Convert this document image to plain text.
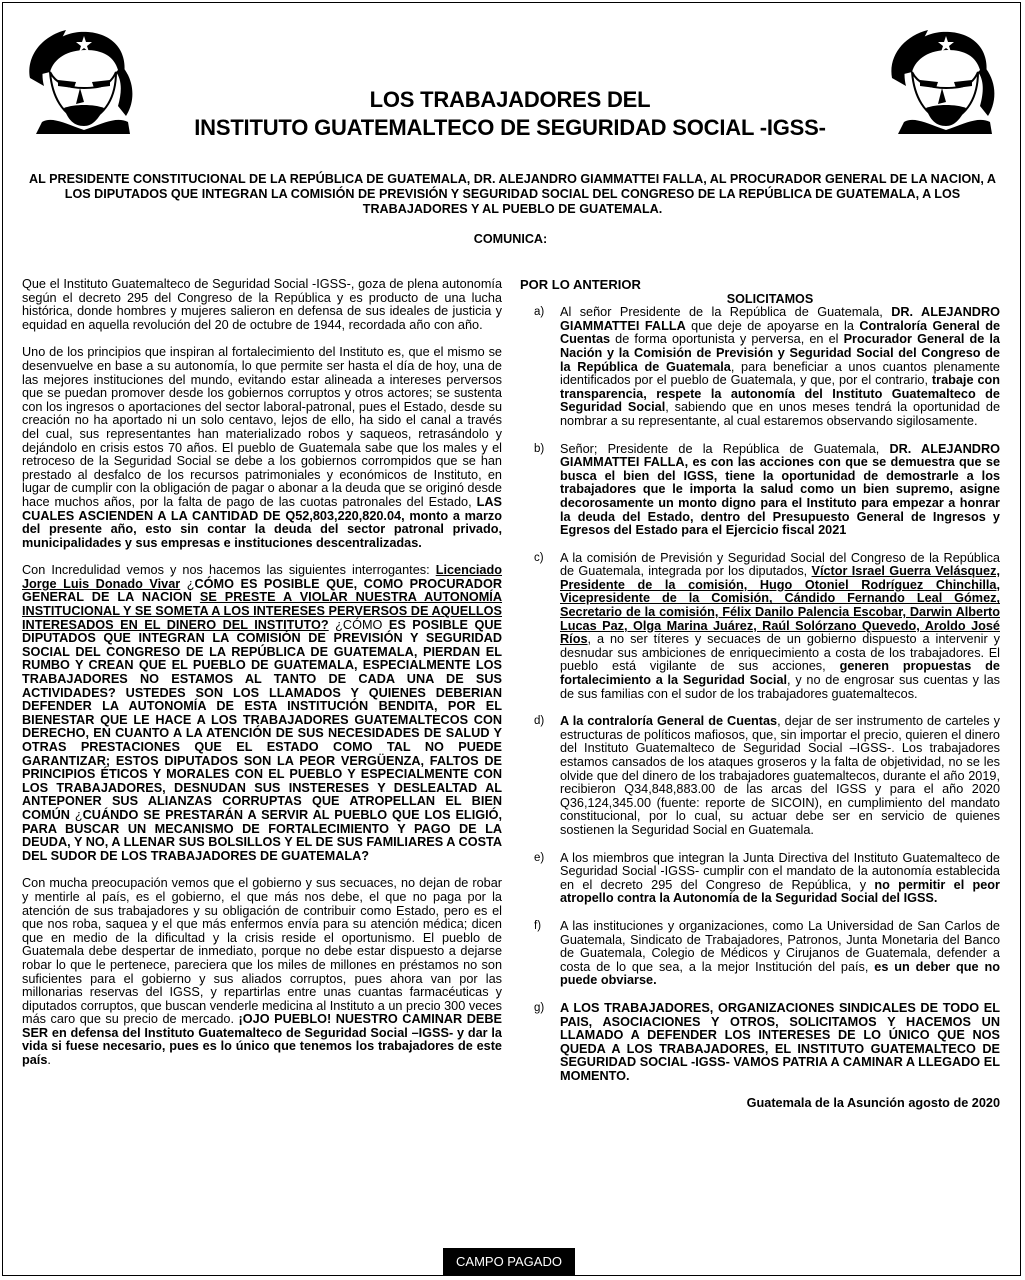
LOS TRABAJADORES DEL
INSTITUTO GUATEMALTECO DE SEGURIDAD SOCIAL -IGSS-
AL PRESIDENTE CONSTITUCIONAL DE LA REPÚBLICA DE GUATEMALA, DR. ALEJANDRO GIAMMATTEI FALLA, AL PROCURADOR GENERAL DE LA NACION, A LOS DIPUTADOS QUE INTEGRAN LA COMISIÓN DE PREVISIÓN Y SEGURIDAD SOCIAL DEL CONGRESO DE LA REPÚBLICA DE GUATEMALA, A LOS TRABAJADORES Y AL PUEBLO DE GUATEMALA.
COMUNICA:

Que el Instituto Guatemalteco de Seguridad Social -IGSS-, goza de plena autonomía según el decreto 295 del Congreso de la República y es producto de una lucha histórica, donde hombres y mujeres salieron en defensa de sus ideales de justicia y equidad en aquella revolución del 20 de octubre de 1944, recordada año con año.

Uno de los principios que inspiran al fortalecimiento del Instituto es, que el mismo se desenvuelve en base a su autonomía, lo que permite ser hasta el día de hoy, una de las mejores instituciones del mundo, evitando estar alineada a intereses perversos que se puedan promover desde los gobiernos corruptos y otros actores; se sustenta con los ingresos o aportaciones del sector laboral-patronal, pues el Estado, desde su creación no ha aportado ni un solo centavo, lejos de ello, ha sido el canal a través del cual, sus representantes han materializado robos y saqueos, retrasándolo y dejándolo en crisis estos 70 años. El pueblo de Guatemala sabe que los males y el retroceso de la Seguridad Social se debe a los gobiernos corrompidos que se han prestado al desfalco de los recursos patrimoniales y económicos de Instituto, en lugar de cumplir con la obligación de pagar o abonar a la deuda que se originó desde hace muchos años, por la falta de pago de las cuotas patronales del Estado, LAS CUALES ASCIENDEN A LA CANTIDAD DE Q52,803,220,820.04, monto a marzo del presente año, esto sin contar la deuda del sector patronal privado, municipalidades y sus empresas e instituciones descentralizadas.

Con Incredulidad vemos y nos hacemos las siguientes interrogantes: Licenciado Jorge Luis Donado Vivar ¿CÓMO ES POSIBLE QUE, COMO PROCURADOR GENERAL DE LA NACION SE PRESTE A VIOLAR NUESTRA AUTONOMÍA INSTITUCIONAL Y SE SOMETA A LOS INTERESES PERVERSOS DE AQUELLOS INTERESADOS EN EL DINERO DEL INSTITUTO? ¿CÓMO ES POSIBLE QUE DIPUTADOS QUE INTEGRAN LA COMISIÓN DE PREVISIÓN Y SEGURIDAD SOCIAL DEL CONGRESO DE LA REPÚBLICA DE GUATEMALA, PIERDAN EL RUMBO Y CREAN QUE EL PUEBLO DE GUATEMALA, ESPECIALMENTE LOS TRABAJADORES NO ESTAMOS AL TANTO DE CADA UNA DE SUS ACTIVIDADES? USTEDES SON LOS LLAMADOS Y QUIENES DEBERIAN DEFENDER LA AUTONOMÍA DE ESTA INSTITUCIÓN BENDITA, POR EL BIENESTAR QUE LE HACE A LOS TRABAJADORES GUATEMALTECOS CON DERECHO, EN CUANTO A LA ATENCIÓN DE SUS NECESIDADES DE SALUD Y OTRAS PRESTACIONES QUE EL ESTADO COMO TAL NO PUEDE GARANTIZAR; ESTOS DIPUTADOS SON LA PEOR VERGÜENZA, FALTOS DE PRINCIPIOS ÉTICOS Y MORALES CON EL PUEBLO Y ESPECIALMENTE CON LOS TRABAJADORES, DESNUDAN SUS INSTERESES Y DESLEALTAD AL ANTEPONER SUS ALIANZAS CORRUPTAS QUE ATROPELLAN EL BIEN COMÚN ¿CUÁNDO SE PRESTARÁN A SERVIR AL PUEBLO QUE LOS ELIGIÓ, PARA BUSCAR UN MECANISMO DE FORTALECIMIENTO Y PAGO DE LA DEUDA, Y NO, A LLENAR SUS BOLSILLOS Y EL DE SUS FAMILIARES A COSTA DEL SUDOR DE LOS TRABAJADORES DE GUATEMALA?

Con mucha preocupación vemos que el gobierno y sus secuaces, no dejan de robar y mentirle al país, es el gobierno, el que más nos debe, el que no paga por la atención de sus trabajadores y su obligación de contribuir como Estado, pero es el que nos roba, saquea y el que más enfermos envía para su atención médica; dicen que en medio de la dificultad y la crisis reside el oportunismo. El pueblo de Guatemala debe despertar de inmediato, porque no debe estar dispuesto a dejarse robar lo que le pertenece, pareciera que los miles de millones en préstamos no son suficientes para el gobierno y sus aliados corruptos, pues ahora van por las millonarias reservas del IGSS, y repartirlas entre unas cuantas farmacéuticas y diputados corruptos, que buscan venderle medicina al Instituto a un precio 300 veces más caro que su precio de mercado. ¡OJO PUEBLO! NUESTRO CAMINAR DEBE SER en defensa del Instituto Guatemalteco de Seguridad Social –IGSS- y dar la vida si fuese necesario, pues es lo único que tenemos los trabajadores de este país.

POR LO ANTERIOR
SOLICITAMOS
a) Al señor Presidente de la República de Guatemala, DR. ALEJANDRO GIAMMATTEI FALLA que deje de apoyarse en la Contraloría General de Cuentas de forma oportunista y perversa, en el Procurador General de la Nación y la Comisión de Previsión y Seguridad Social del Congreso de la República de Guatemala, para beneficiar a unos cuantos plenamente identificados por el pueblo de Guatemala, y que, por el contrario, trabaje con transparencia, respete la autonomía del Instituto Guatemalteco de Seguridad Social, sabiendo que en unos meses tendrá la oportunidad de nombrar a su representante, al cual estaremos observando sigilosamente.
b) Señor; Presidente de la República de Guatemala, DR. ALEJANDRO GIAMMATTEI FALLA, es con las acciones con que se demuestra que se busca el bien del IGSS, tiene la oportunidad de demostrarle a los trabajadores que le importa la salud como un bien supremo, asigne decorosamente un monto digno para el Instituto para empezar a honrar la deuda del Estado, dentro del Presupuesto General de Ingresos y Egresos del Estado para el Ejercicio fiscal 2021
c) A la comisión de Previsión y Seguridad Social del Congreso de la República de Guatemala, integrada por los diputados, Víctor Israel Guerra Velásquez, Presidente de la comisión, Hugo Otoniel Rodríguez Chinchilla, Vicepresidente de la Comisión, Cándido Fernando Leal Gómez, Secretario de la comisión, Félix Danilo Palencia Escobar, Darwin Alberto Lucas Paz, Olga Marina Juárez, Raúl Solórzano Quevedo, Aroldo José Ríos, a no ser títeres y secuaces de un gobierno dispuesto a intervenir y desnudar sus ambiciones de enriquecimiento a costa de los trabajadores. El pueblo está vigilante de sus acciones, generen propuestas de fortalecimiento a la Seguridad Social, y no de engrosar sus cuentas y las de sus familias con el sudor de los trabajadores guatemaltecos.
d) A la contraloría General de Cuentas, dejar de ser instrumento de carteles y estructuras de políticos mafiosos, que, sin importar el precio, quieren el dinero del Instituto Guatemalteco de Seguridad Social –IGSS-. Los trabajadores estamos cansados de los ataques groseros y la falta de objetividad, no se les olvide que del dinero de los trabajadores guatemaltecos, durante el año 2019, recibieron Q34,848,883.00 de las arcas del IGSS y para el año 2020 Q36,124,345.00 (fuente: reporte de SICOIN), en cumplimiento del mandato constitucional, por lo cual, su actuar debe ser en servicio de quienes sostienen la Seguridad Social en Guatemala.
e) A los miembros que integran la Junta Directiva del Instituto Guatemalteco de Seguridad Social -IGSS- cumplir con el mandato de la autonomía establecida en el decreto 295 del Congreso de República, y no permitir el peor atropello contra la Autonomía de la Seguridad Social del IGSS.
f) A las instituciones y organizaciones, como La Universidad de San Carlos de Guatemala, Sindicato de Trabajadores, Patronos, Junta Monetaria del Banco de Guatemala, Colegio de Médicos y Cirujanos de Guatemala, defender a costa de lo que sea, a la mejor Institución del país, es un deber que no puede obviarse.
g) A LOS TRABAJADORES, ORGANIZACIONES SINDICALES DE TODO EL PAIS, ASOCIACIONES Y OTROS, SOLICITAMOS Y HACEMOS UN LLAMADO A DEFENDER LOS INTERESES DE LO ÚNICO QUE NOS QUEDA A LOS TRABAJADORES, EL INSTITUTO GUATEMALTECO DE SEGURIDAD SOCIAL -IGSS- VAMOS PATRIA A CAMINAR A LLEGADO EL MOMENTO.
Guatemala de la Asunción agosto de 2020
CAMPO PAGADO
